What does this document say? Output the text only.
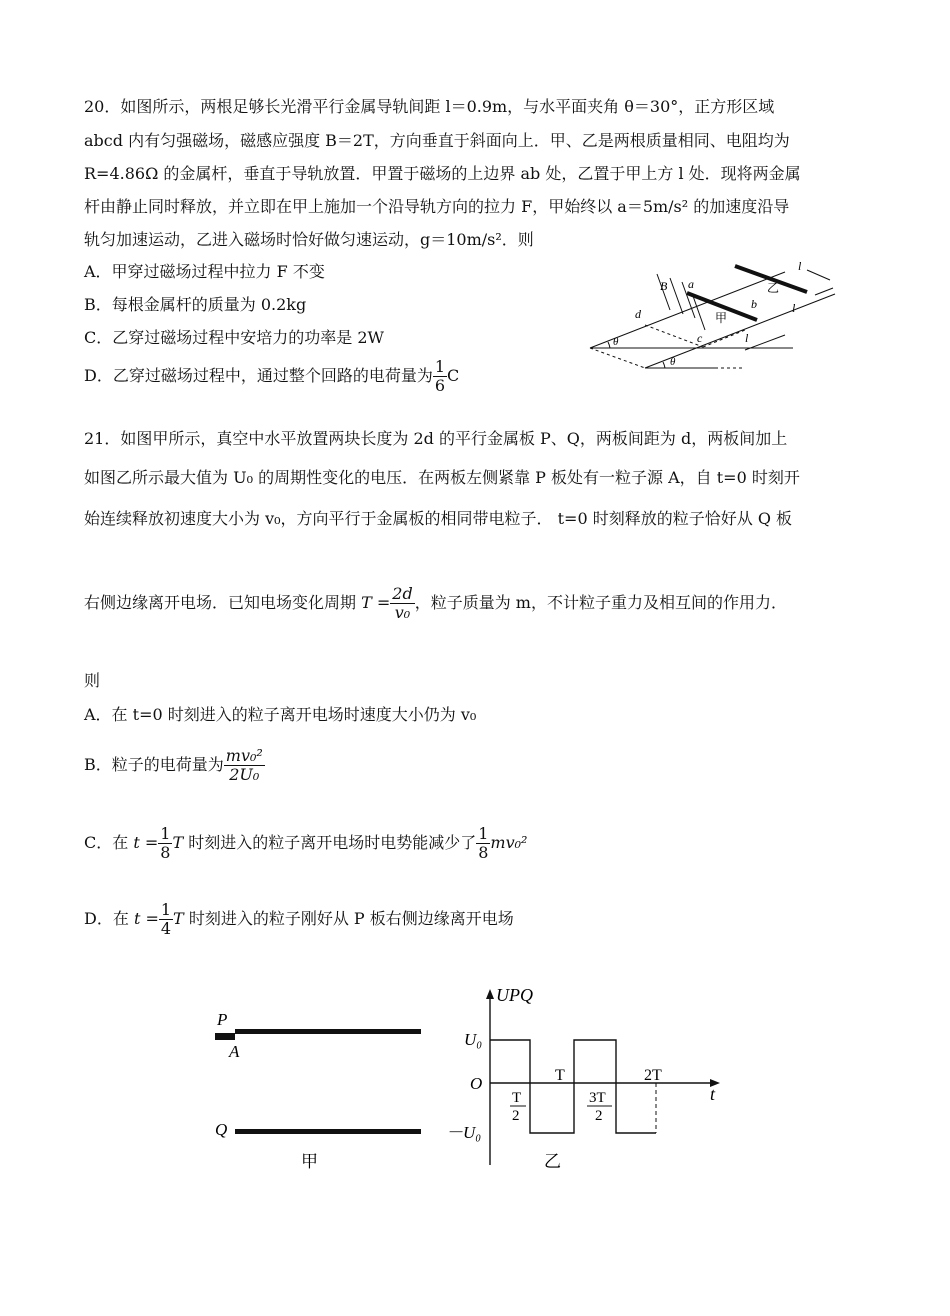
20．如图所示，两根足够长光滑平行金属导轨间距 l＝0.9m，与水平面夹角 θ＝30°，正方形区域
abcd 内有匀强磁场，磁感应强度 B＝2T，方向垂直于斜面向上．甲、乙是两根质量相同、电阻均为
R=4.86Ω 的金属杆，垂直于导轨放置．甲置于磁场的上边界 ab 处，乙置于甲上方 l 处．现将两金属
杆由静止同时释放，并立即在甲上施加一个沿导轨方向的拉力 F，甲始终以 a＝5m/s² 的加速度沿导
轨匀加速运动，乙进入磁场时恰好做匀速运动，g＝10m/s²．则
A．甲穿过磁场过程中拉力 F 不变
B．每根金属杆的质量为 0.2kg
C．乙穿过磁场过程中安培力的功率是 2W
D．乙穿过磁场过程中，通过整个回路的电荷量为 $\frac{1}{6}$ C
B a
b
c
d	甲
乙
l
l
l
θ
θ
21．如图甲所示，真空中水平放置两块长度为 2d 的平行金属板 P、Q，两板间距为 d，两板间加上
如图乙所示最大值为 U₀ 的周期性变化的电压．在两板左侧紧靠 P 板处有一粒子源 A，自 t=0 时刻开
始连续释放初速度大小为 v₀，方向平行于金属板的相同带电粒子． t=0 时刻释放的粒子恰好从 Q 板
右侧边缘离开电场．已知电场变化周期 $T = \frac{2d}{\text{v₀}}$ ，粒子质量为 m，不计粒子重力及相互间的作用力．
则
A．在 t=0 时刻进入的粒子离开电场时速度大小仍为 v₀
B．粒子的电荷量为 $\frac{\text{mv₀²}}{\text{2U₀}}$
C．在 $t = \frac{1}{8}$ T 时刻进入的粒子离开电场时电势能减少了 $\frac{1}{8} mv_0^2$
D．在 $t = \frac{1}{4}$ T 时刻进入的粒子刚好从 P 板右侧边缘离开电场
P
A
Q
甲
UPQ
U₀
O
－U₀
t
T	2T
T
2
3T
2
乙
